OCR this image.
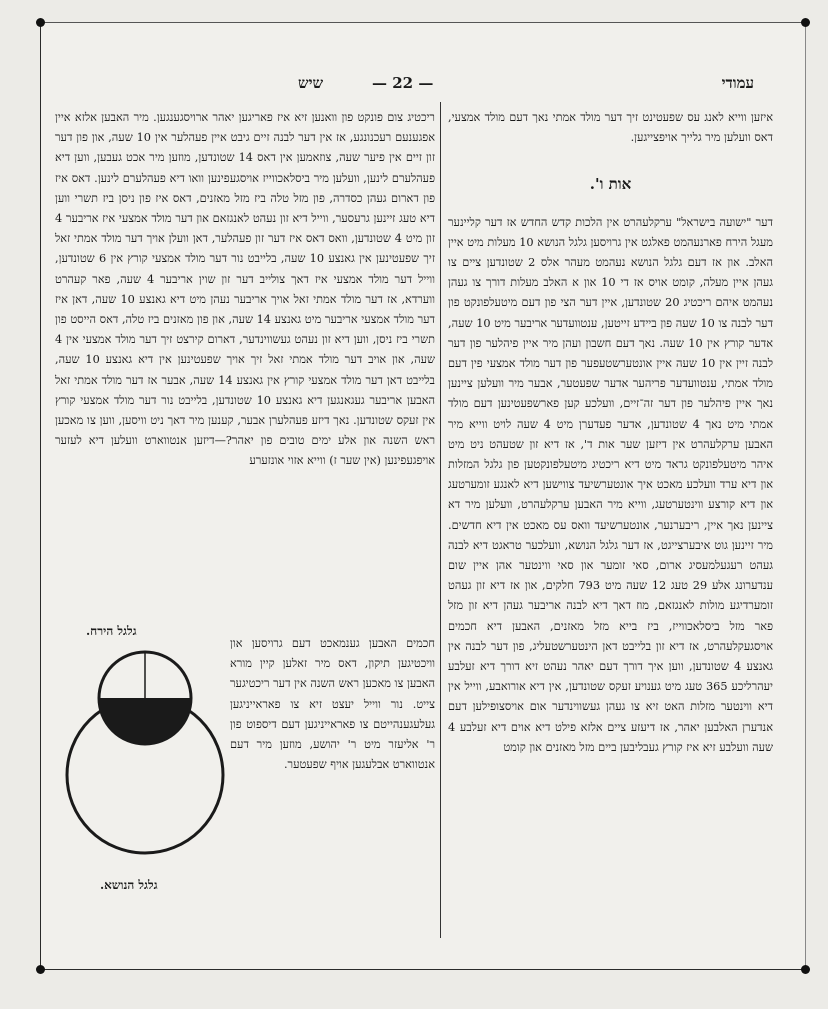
עמודי
— 22 —
שיש

איזען ווייא לאנג עס שפעטינט זיך דער מולד אמתי נאך דעם מולד אמצעי, דאס וועלען מיר גלייך אויפצייגען.

אות ו'.

דער "ישועה בישראל" ערקלעהרט אין הלכות קדש החדש אז דער קליינער מעגל הירח פארנעהמט פאלגט אין גרויסען גלגל הנושא 10 מעלות מיט איין האלב. און אז דעם גלגל הנושא נעהמט מעהר אלס 2 שטונדען ציים צו געהן איין מעלה, קומט אויס אז די 10 און א האלב מעלות דורך צו געהן נעהמט איהם ריכטיג 20 שטונדען, איין דער הצי פון דעם מיטעלפונקט פון דער לבנה צו 10 שעה פון ביידע זייטען, ענטוועדער אריבער מיט 10 שעה, אדער קורץ אין 10 שעה. נאך דעם חשבון ועהן מיר איין פיהלער פון דער לבנה זיין אין 10 שעה איין אונטערשטעפער פון דער מולד אמצעי פין דעם מולד אמתי, ענטוועדער פריהער אדער שפעטער, אבער מיר וועלען ציינען נאך איין פיהלער פון דער זה־זיים, וועלכע קען פארשפעטינען דעם מולד אמתי מיט נאך 4 שטונדען, אדער פעדערן מיט 4 שעה לויט ווייא מיר האבען ערקלעהרט אין דיזען שער אות ד', אז דיא זון שטעהט ניט מיט איהר מיטעלפונקט גראד מיט דיא ריכטיג מיטעלפונקטען פון גלגל המזלות און דיא ערד וועלכע מאכט איך אונטערשיעד צווישען דיא לאנגע זומערטעג און דיא קורצע ווינטערטעג, ווייא מיר האבען ערקלעהרט, וועלען מיר דא ציינען נאך איין, ריבערנער, אונטערשיעד וואס עס מאכט אין דיא חדשים. מיר זיינען גוט איבערצייגט, אז דער גלגל הנושא, וועלכער טראגט דיא לבנה געהט רעגעלמעסיג ארום, סאי זומער און סאי ווינטער אהן איין שום ענדערונג אלע 29 טעג 12 שעה מיט 793 חלקים, און אז דיא זון געהט זומערדיגע מולות לאנגזאם, מוז דאך דיא לבנה אריבער געהן דיא זון מזל פאר מזל ביסלאכווייז, ביז בייא מזל מאזנים, האבען דיא חכמים אויסגעקלעהרט, אז דיא זון בלייבט דאן הינטערשטעליג, פון דער לבנה אין גאנצע 4 שטונדען, ווען איך דורך דעם יאהר נעהט זיא דורך דיא זעלבע יעהרליכע 365 טעג מיט גענויע זעקס שטונדען, אין דיא אורואבע, ווייל אין דיא ווינטער מזלות האט זיא צו געהן געשווינדער אום אויסצופילען דעם אנדערן האלבען יאהר, אז דיעזע ציים אלזא פילט דיא אוים דיא זעלבע 4 שעה וועלבע זיא איז קורץ געבליבען ביים מזל מאזנים און קומט

ריכטיג צום פונקט פון וואנען זיא איז פאריגען יאהר ארויסגענגען. מיר האבען אלזא איין אפגענעם רעכנונגע, אז אין דער לבנה זיים גיבט איין פעהלער אין 10 שעה, און פון דער זון זיים אין פיער שעה, צוזאמען אין דאס 14 שטונדען, מוזען מיר אכט געבען, ווען דיא פעהלערם לינען, וועלען מיר ביסלאכווייז אויסגעפינען וואו דיא פעהלערם לינען. דאס איז פון דארום געהן כסדרה, פון מזל טלה ביז מזל מאזנים, דאס איז פון ניסן ביז תשרי ווען דיא טעג זיינען גרעסער, ווייל דיא זון נעהט לאנגזאם און דער מולד אמצעי איז אריבער 4 זון מיט 4 שטונדען, וואס דאס איז דער זון פעהלער, דאן וועלן אויך דער מולד אמתי זאל זיך שפעטינען אין גאנצע 10 שעה, בלייבט נור דער מולד אמצעי קורץ אין 6 שטונדען, ווייל דער מולד אמצעי איז דאך צולייב דער זון שוין אריבער 4 שעה, פאר קעהרט ווערדא, אז דער מולד אמתי זאל אויך אריבער נעהן מיט דיא גאנצע 10 שעה, דאן איז דער מולד אמצעי אריבער מיט גאנצע 14 שעה, און פון מאזנים ביז טלה, דאס הייסט פון תשרי ביז ניסן, ווען דיא זון נעהט געשווינדער, דארום קירצט זיך דער מולד אמצעי אין 4 שעה, און אויב דער מולד אמתי זאל זיך אויך שפעטינען אין דיא גאנצע 10 שעה, בלייבט דאן דער מולד אמצעי קורץ אין גאנצע 14 שעה, אבער אז דער מולד אמתי זאל האבען אריבער געגאנגען דיא גאנצע 10 שטונדען, בלייבט נור דער מולד אמצעי קורץ אין זעקס שטונדען. נאך דיזע פעהלערן אבער, קענען מיר דאך ניט וויסען, ווען צו מאכען ראש השנה און אלע ימים טובים פון יאהר?—דיזען אנטווארט וועלען דיא לעזער אויפגעפינען (אין שער ז) ווייא אזוי אונזערע

חכמים האבען גענמאכט דעם גרויסען און וויכטיגען תיקון, דאס מיר זאלען קיין מורא האבען צו מאכען ראש השנה אין דער ריכטיגער צייט. נור ווייל יעצט זיא צו פאראייניגען געלעגענהייטם צו פאראייניגען דעם דיספוט פון ר' אליעזר מיט ר' יהושע, מוזען מיר דעם אנטווארט אבלעגען אויף שפעטער.

גלגל הירח.
גלגל הנושא.
